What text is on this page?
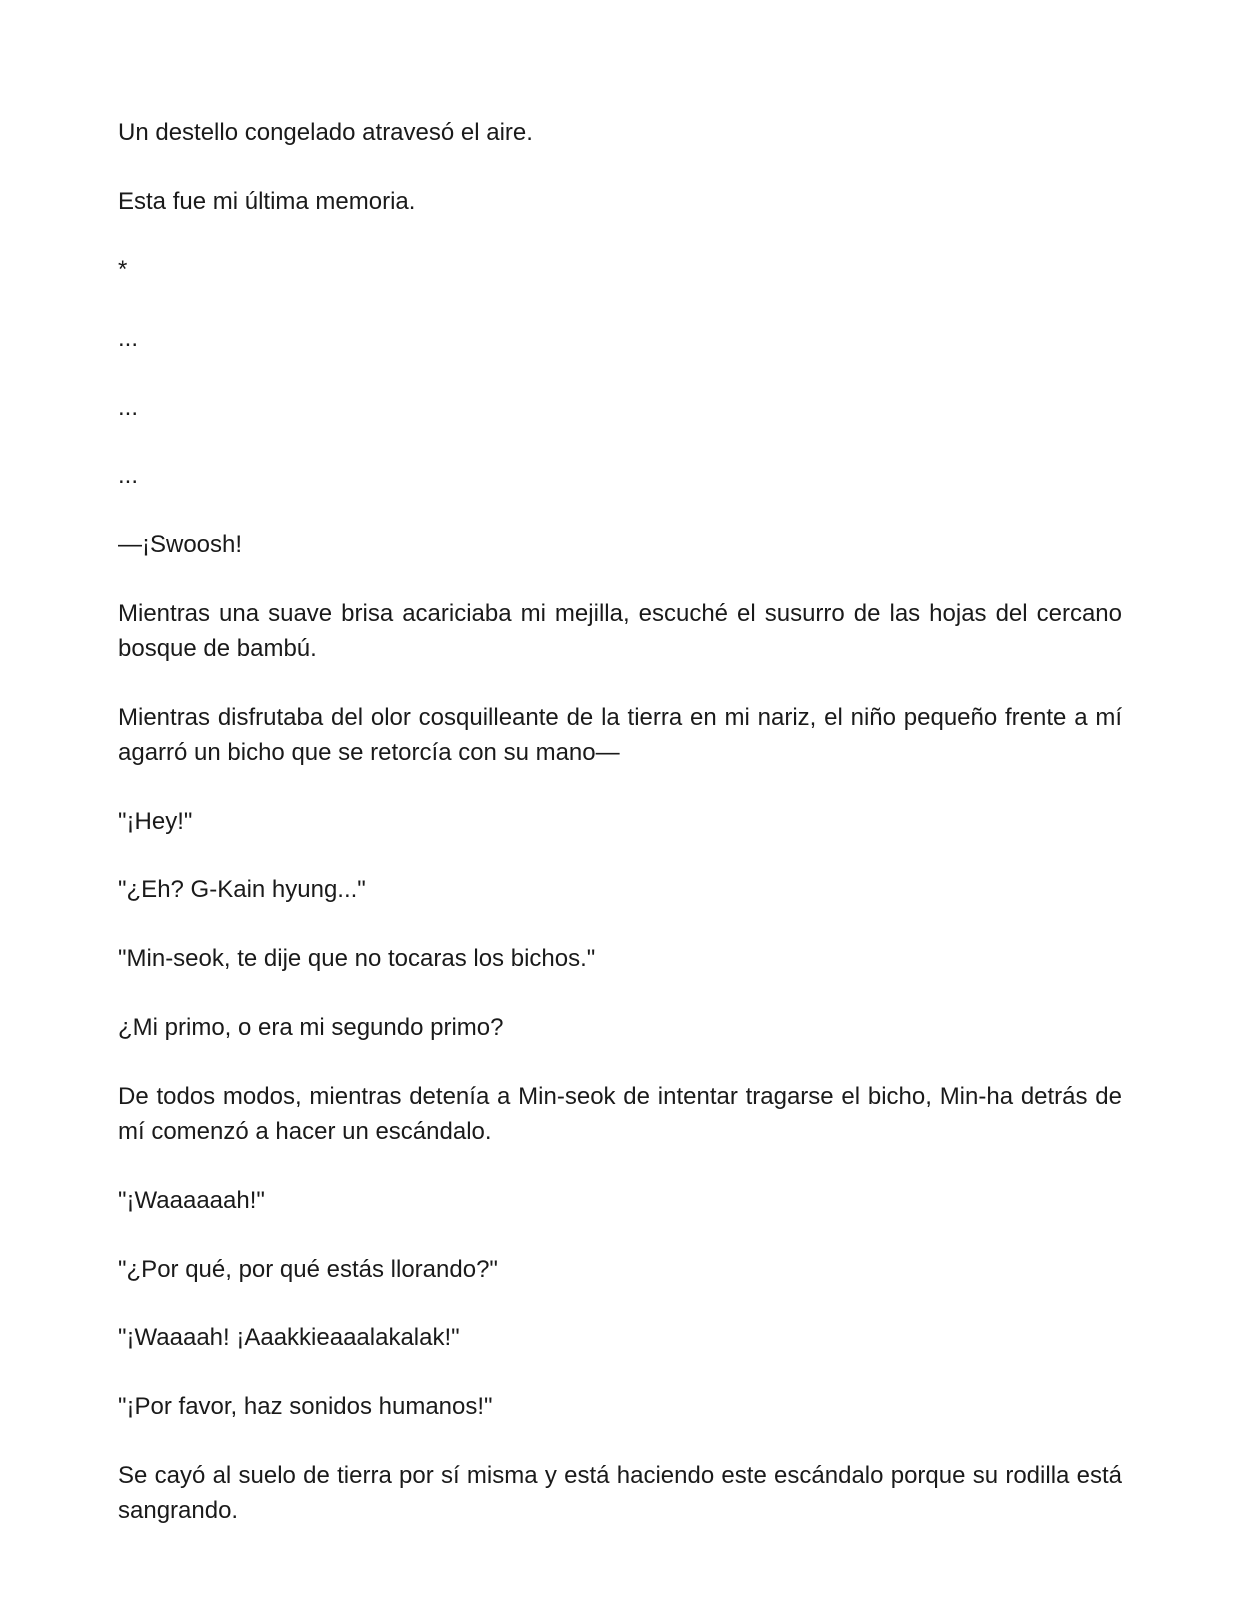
Un destello congelado atravesó el aire.

Esta fue mi última memoria.

*

...

...

...

—¡Swoosh!

Mientras una suave brisa acariciaba mi mejilla, escuché el susurro de las hojas del cercano bosque de bambú.

Mientras disfrutaba del olor cosquilleante de la tierra en mi nariz, el niño pequeño frente a mí agarró un bicho que se retorcía con su mano—

"¡Hey!"

"¿Eh? G-Kain hyung..."

"Min-seok, te dije que no tocaras los bichos."

¿Mi primo, o era mi segundo primo?

De todos modos, mientras detenía a Min-seok de intentar tragarse el bicho, Min-ha detrás de mí comenzó a hacer un escándalo.

"¡Waaaaaah!"

"¿Por qué, por qué estás llorando?"

"¡Waaaah! ¡Aaakkieaaalakalak!"

"¡Por favor, haz sonidos humanos!"

Se cayó al suelo de tierra por sí misma y está haciendo este escándalo porque su rodilla está sangrando.
